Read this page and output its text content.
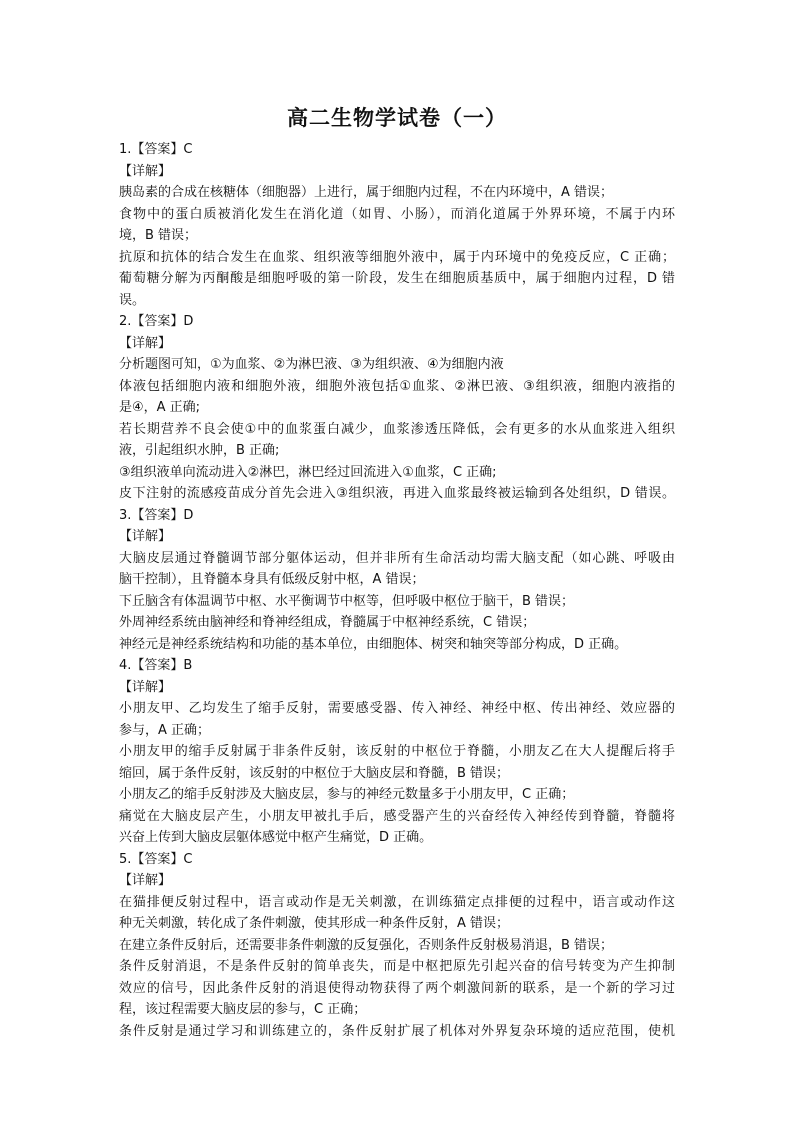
高二生物学试卷（一）
1.【答案】C
【详解】
胰岛素的合成在核糖体（细胞器）上进行，属于细胞内过程，不在内环境中，A 错误；
食物中的蛋白质被消化发生在消化道（如胃、小肠），而消化道属于外界环境，不属于内环
境，B 错误；
抗原和抗体的结合发生在血浆、组织液等细胞外液中，属于内环境中的免疫反应，C 正确；
葡萄糖分解为丙酮酸是细胞呼吸的第一阶段，发生在细胞质基质中，属于细胞内过程，D 错
误。
2.【答案】D
【详解】
分析题图可知，①为血浆、②为淋巴液、③为组织液、④为细胞内液
体液包括细胞内液和细胞外液，细胞外液包括①血浆、②淋巴液、③组织液，细胞内液指的
是④，A 正确;
若长期营养不良会使①中的血浆蛋白减少，血浆渗透压降低，会有更多的水从血浆进入组织
液，引起组织水肿，B 正确;
③组织液单向流动进入②淋巴，淋巴经过回流进入①血浆，C 正确;
皮下注射的流感疫苗成分首先会进入③组织液，再进入血浆最终被运输到各处组织，D 错误。
3.【答案】D
【详解】
大脑皮层通过脊髓调节部分躯体运动，但并非所有生命活动均需大脑支配（如心跳、呼吸由
脑干控制），且脊髓本身具有低级反射中枢，A 错误；
下丘脑含有体温调节中枢、水平衡调节中枢等，但呼吸中枢位于脑干，B 错误；
外周神经系统由脑神经和脊神经组成，脊髓属于中枢神经系统，C 错误；
神经元是神经系统结构和功能的基本单位，由细胞体、树突和轴突等部分构成，D 正确。
4.【答案】B
【详解】
小朋友甲、乙均发生了缩手反射，需要感受器、传入神经、神经中枢、传出神经、效应器的
参与，A 正确；
小朋友甲的缩手反射属于非条件反射，该反射的中枢位于脊髓，小朋友乙在大人提醒后将手
缩回，属于条件反射，该反射的中枢位于大脑皮层和脊髓，B 错误；
小朋友乙的缩手反射涉及大脑皮层，参与的神经元数量多于小朋友甲，C 正确；
痛觉在大脑皮层产生，小朋友甲被扎手后，感受器产生的兴奋经传入神经传到脊髓，脊髓将
兴奋上传到大脑皮层躯体感觉中枢产生痛觉，D 正确。
5.【答案】C
【详解】
在猫排便反射过程中，语言或动作是无关刺激，在训练猫定点排便的过程中，语言或动作这
种无关刺激，转化成了条件刺激，使其形成一种条件反射，A 错误；
在建立条件反射后，还需要非条件刺激的反复强化，否则条件反射极易消退，B 错误；
条件反射消退，不是条件反射的简单丧失，而是中枢把原先引起兴奋的信号转变为产生抑制
效应的信号，因此条件反射的消退使得动物获得了两个刺激间新的联系，是一个新的学习过
程，该过程需要大脑皮层的参与，C 正确；
条件反射是通过学习和训练建立的，条件反射扩展了机体对外界复杂环境的适应范围，使机
